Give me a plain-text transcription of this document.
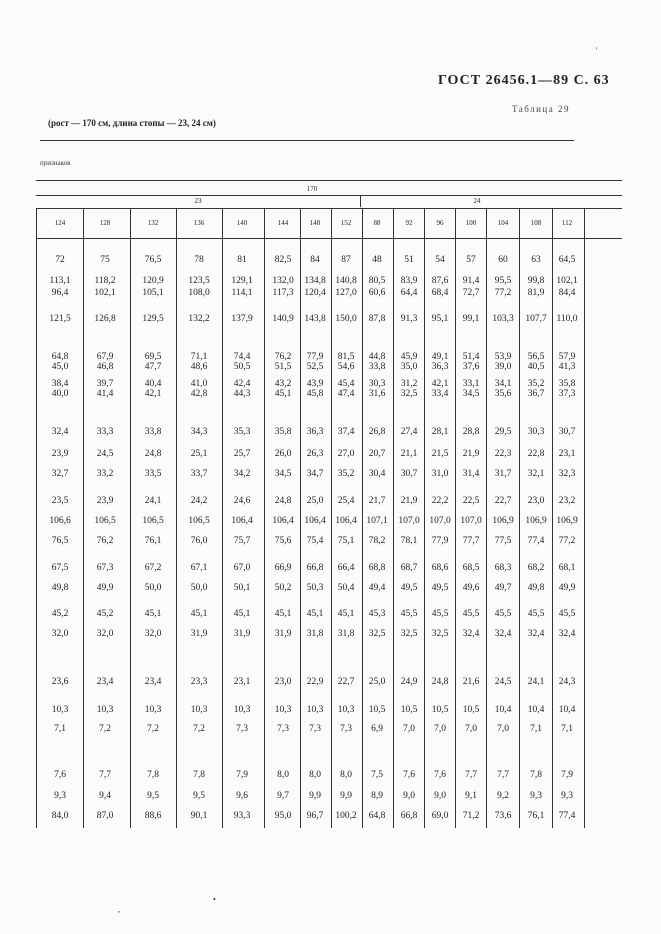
ГОСТ 26456.1—89 С. 63
Таблица 29
(рост — 170 см, длина стопы — 23, 24 см)
признаков
170
23	24
124	128	132	136	140	144	148	152	88	92	96	100	104	108	112
72	75	76,5	78	81	82,5	84	87	48	51	54	57	60	63	64,5
113,1	118,2	120,9	123,5	129,1	132,0	134,8	140,8	80,5	83,9	87,6	91,4	95,5	99,8	102,1
96,4	102,1	105,1	108,0	114,1	117,3	120,4	127,0	60,6	64,4	68,4	72,7	77,2	81,9	84,4
121,5	126,8	129,5	132,2	137,9	140,9	143,8	150,0	87,8	91,3	95,1	99,1	103,3	107,7	110,0
64,8	67,9	69,5	71,1	74,4	76,2	77,9	81,5	44,8	45,9	49,1	51,4	53,9	56,5	57,9
45,0	46,8	47,7	48,6	50,5	51,5	52,5	54,6	33,8	35,0	36,3	37,6	39,0	40,5	41,3
38,4	39,7	40,4	41,0	42,4	43,2	43,9	45,4	30,3	31,2	42,1	33,1	34,1	35,2	35,8
40,0	41,4	42,1	42,8	44,3	45,1	45,8	47,4	31,6	32,5	33,4	34,5	35,6	36,7	37,3
32,4	33,3	33,8	34,3	35,3	35,8	36,3	37,4	26,8	27,4	28,1	28,8	29,5	30,3	30,7
23,9	24,5	24,8	25,1	25,7	26,0	26,3	27,0	20,7	21,1	21,5	21,9	22,3	22,8	23,1
32,7	33,2	33,5	33,7	34,2	34,5	34,7	35,2	30,4	30,7	31,0	31,4	31,7	32,1	32,3
23,5	23,9	24,1	24,2	24,6	24,8	25,0	25,4	21,7	21,9	22,2	22,5	22,7	23,0	23,2
106,6	106,5	106,5	106,5	106,4	106,4	106,4	106,4	107,1	107,0	107,0	107,0	106,9	106,9	106,9
76,5	76,2	76,1	76,0	75,7	75,6	75,4	75,1	78,2	78,1	77,9	77,7	77,5	77,4	77,2
67,5	67,3	67,2	67,1	67,0	66,9	66,8	66,4	68,8	68,7	68,6	68,5	68,3	68,2	68,1
49,8	49,9	50,0	50,0	50,1	50,2	50,3	50,4	49,4	49,5	49,5	49,6	49,7	49,8	49,9
45,2	45,2	45,1	45,1	45,1	45,1	45,1	45,1	45,3	45,5	45,5	45,5	45,5	45,5	45,5
32,0	32,0	32,0	31,9	31,9	31,9	31,8	31,8	32,5	32,5	32,5	32,4	32,4	32,4	32,4
23,6	23,4	23,4	23,3	23,1	23,0	22,9	22,7	25,0	24,9	24,8	21,6	24,5	24,1	24,3
10,3	10,3	10,3	10,3	10,3	10,3	10,3	10,3	10,5	10,5	10,5	10,5	10,4	10,4	10,4
7,1	7,2	7,2	7,2	7,3	7,3	7,3	7,3	6,9	7,0	7,0	7,0	7,0	7,1	7,1
7,6	7,7	7,8	7,8	7,9	8,0	8,0	8,0	7,5	7,6	7,6	7,7	7,7	7,8	7,9
9,3	9,4	9,5	9,5	9,6	9,7	9,9	9,9	8,9	9,0	9,0	9,1	9,2	9,3	9,3
84,0	87,0	88,6	90,1	93,3	95,0	96,7	100,2	64,8	66,8	69,0	71,2	73,6	76,1	77,4
'
•
,
